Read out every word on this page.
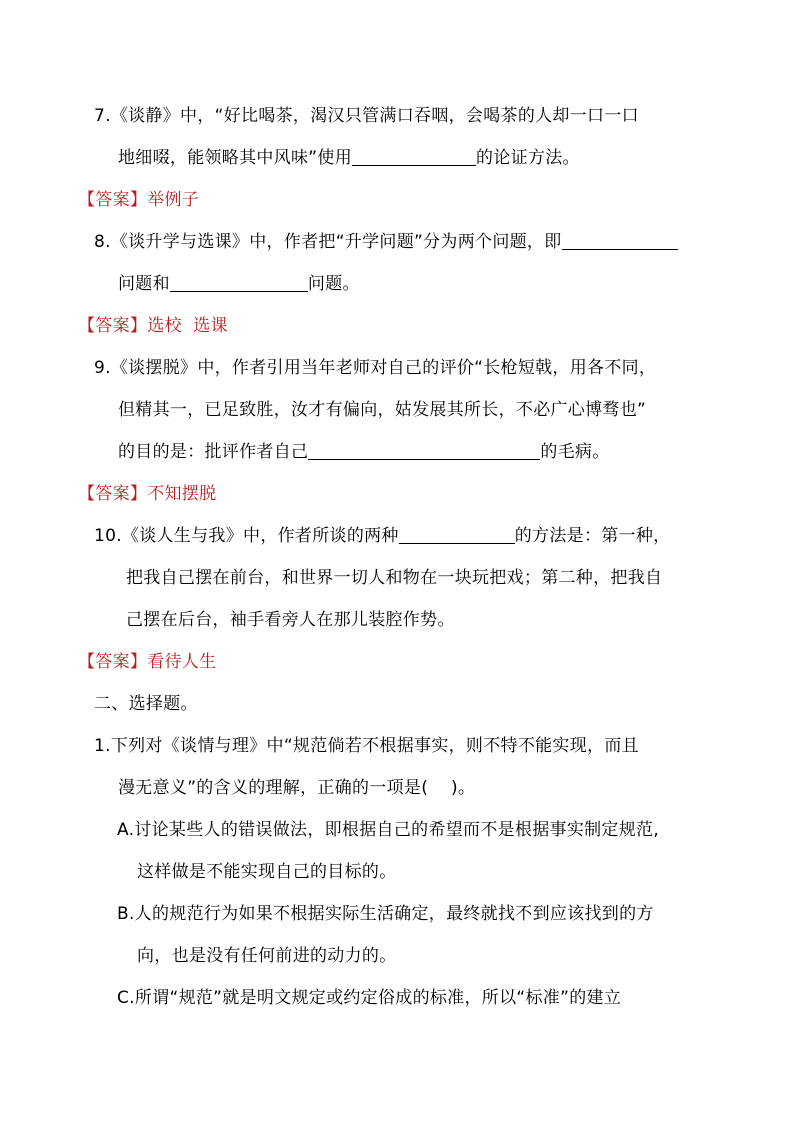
7.《谈静》中，“好比喝茶，渴汉只管满口吞咽，会喝茶的人却一口一口
地细啜，能领略其中风味”使用	的论证方法。
【答案】举例子
8.《谈升学与选课》中，作者把“升学问题”分为两个问题，即
问题和	问题。
【答案】选校  选课
9.《谈摆脱》中，作者引用当年老师对自己的评价“长枪短戟，用各不同，
但精其一，已足致胜，汝才有偏向，姑发展其所长，不必广心博骛也”
的目的是：批评作者自己	的毛病。
【答案】不知摆脱
10.《谈人生与我》中，作者所谈的两种	的方法是：第一种，
把我自己摆在前台，和世界一切人和物在一块玩把戏；第二种，把我自
己摆在后台，袖手看旁人在那儿装腔作势。
【答案】看待人生
二、选择题。
1.下列对《谈情与理》中“规范倘若不根据事实，则不特不能实现，而且
漫无意义”的含义的理解，正确的一项是(    )。
A.讨论某些人的错误做法，即根据自己的希望而不是根据事实制定规范,
这样做是不能实现自己的目标的。
B.人的规范行为如果不根据实际生活确定，最终就找不到应该找到的方
向，也是没有任何前进的动力的。
C.所谓“规范”就是明文规定或约定俗成的标准，所以“标准”的建立
